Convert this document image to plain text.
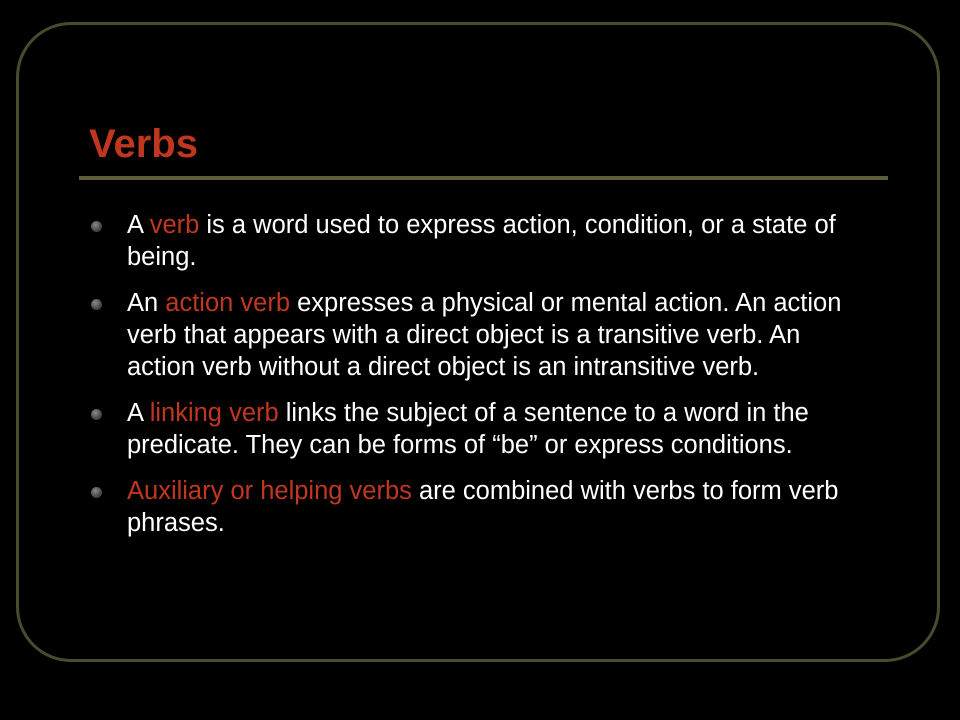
Verbs
A verb is a word used to express action, condition, or a state of being.
An action verb expresses a physical or mental action. An action verb that appears with a direct object is a transitive verb. An action verb without a direct object is an intransitive verb.
A linking verb links the subject of a sentence to a word in the predicate. They can be forms of “be” or express conditions.
Auxiliary or helping verbs are combined with verbs to form verb phrases.
